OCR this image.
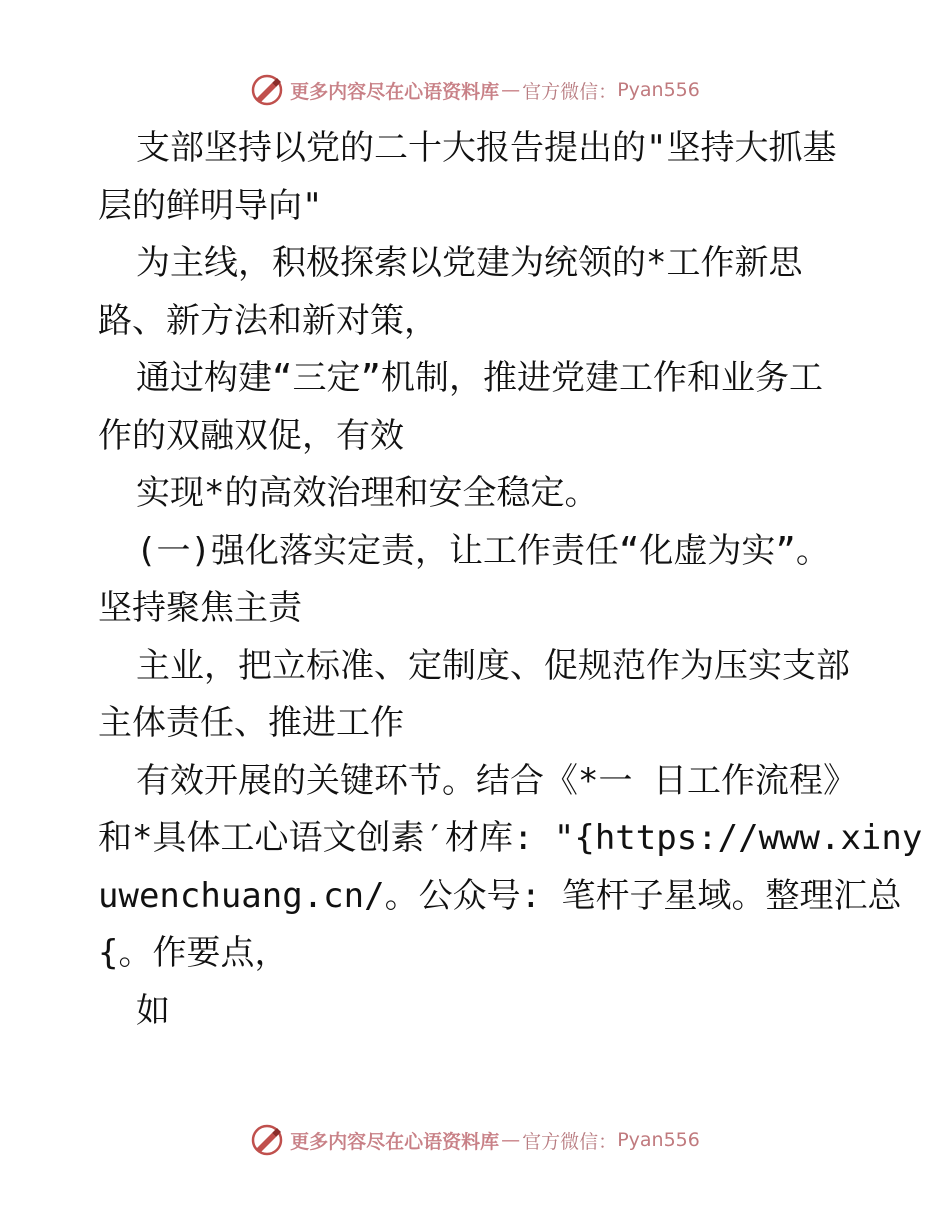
更多内容尽在心语资料库 — 官方微信： Pyan556
支部坚持以党的二十大报告提出的"坚持大抓基
层的鲜明导向"
为主线，积极探索以党建为统领的*工作新思
路、新方法和新对策，
通过构建“三定”机制，推进党建工作和业务工
作的双融双促，有效
实现*的高效治理和安全稳定。
(一)强化落实定责，让工作责任“化虚为实”。
坚持聚焦主责
主业，把立标准、定制度、促规范作为压实支部
主体责任、推进工作
有效开展的关键环节。结合《*一 日工作流程》
和*具体工心语文创素′材库: "{https://www.xiny
uwenchuang.cn/。公众号: 笔杆子星域。整理汇总
{。作要点，
如
更多内容尽在心语资料库 — 官方微信： Pyan556
